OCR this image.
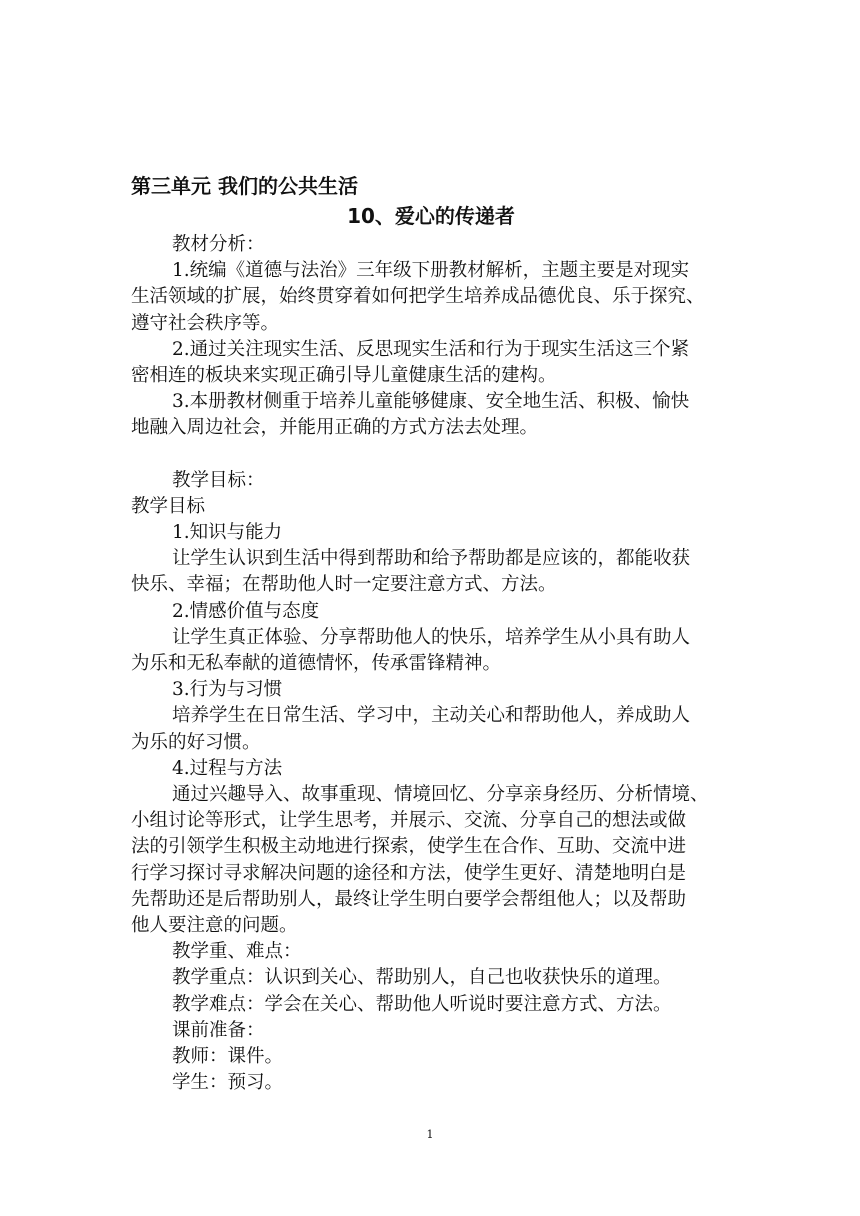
第三单元 我们的公共生活

10、爱心的传递者

教材分析：

1.统编《道德与法治》三年级下册教材解析，主题主要是对现实

生活领域的扩展，始终贯穿着如何把学生培养成品德优良、乐于探究、

遵守社会秩序等。

2.通过关注现实生活、反思现实生活和行为于现实生活这三个紧

密相连的板块来实现正确引导儿童健康生活的建构。

3.本册教材侧重于培养儿童能够健康、安全地生活、积极、愉快

地融入周边社会，并能用正确的方式方法去处理。

教学目标：

教学目标

1.知识与能力

让学生认识到生活中得到帮助和给予帮助都是应该的，都能收获

快乐、幸福；在帮助他人时一定要注意方式、方法。

2.情感价值与态度

让学生真正体验、分享帮助他人的快乐，培养学生从小具有助人

为乐和无私奉献的道德情怀，传承雷锋精神。

3.行为与习惯

培养学生在日常生活、学习中，主动关心和帮助他人，养成助人

为乐的好习惯。

4.过程与方法

通过兴趣导入、故事重现、情境回忆、分享亲身经历、分析情境、

小组讨论等形式，让学生思考，并展示、交流、分享自己的想法或做

法的引领学生积极主动地进行探索，使学生在合作、互助、交流中进

行学习探讨寻求解决问题的途径和方法，使学生更好、清楚地明白是

先帮助还是后帮助别人，最终让学生明白要学会帮组他人；以及帮助

他人要注意的问题。

教学重、难点：

教学重点：认识到关心、帮助别人，自己也收获快乐的道理。

教学难点：学会在关心、帮助他人听说时要注意方式、方法。

课前准备：

教师：课件。

学生：预习。

1
